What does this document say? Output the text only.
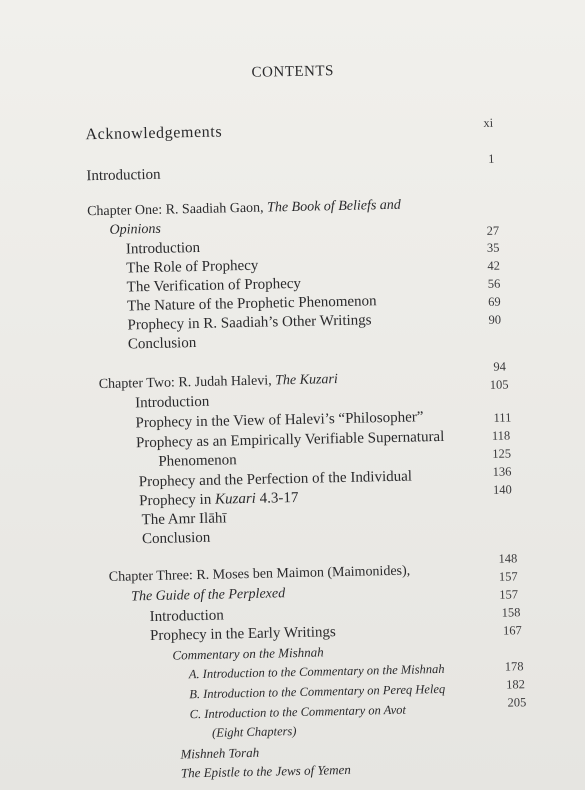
CONTENTS
Acknowledgements
xi
Introduction
1
Chapter One: R. Saadiah Gaon, The Book of Beliefs and
Opinions
Introduction
27
The Role of Prophecy
35
The Verification of Prophecy
42
The Nature of the Prophetic Phenomenon
56
Prophecy in R. Saadiah’s Other Writings
69
Conclusion
90
Chapter Two: R. Judah Halevi, The Kuzari
94
Introduction
105
Prophecy in the View of Halevi’s “Philosopher”
Prophecy as an Empirically Verifiable Supernatural
111
Phenomenon
118
Prophecy and the Perfection of the Individual
125
Prophecy in Kuzari 4.3-17
136
The Amr Ilāhī
140
Conclusion
Chapter Three: R. Moses ben Maimon (Maimonides),
148
The Guide of the Perplexed
Introduction
157
Prophecy in the Early Writings
157
Commentary on the Mishnah
158
A. Introduction to the Commentary on the Mishnah
167
B. Introduction to the Commentary on Pereq Heleq
C. Introduction to the Commentary on Avot
178
(Eight Chapters)
182
Mishneh Torah
205
The Epistle to the Jews of Yemen
